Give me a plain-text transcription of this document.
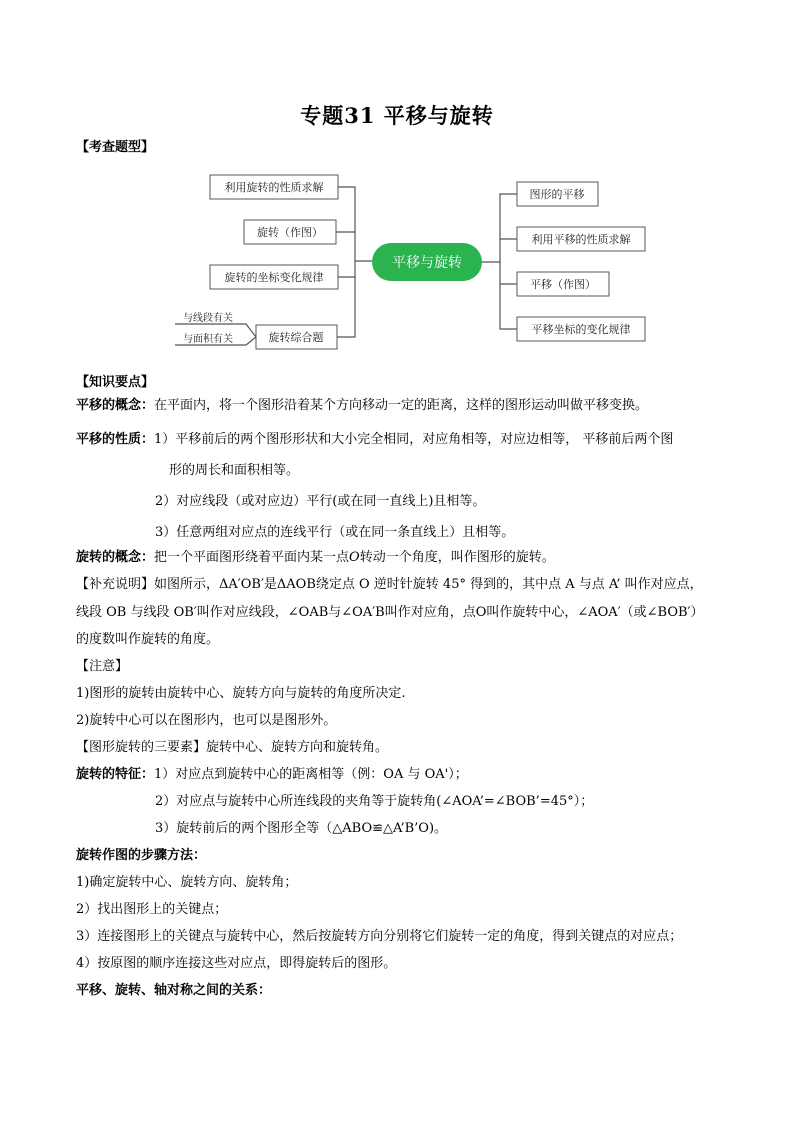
专题31 平移与旋转
【考查题型】
平移与旋转
利用旋转的性质求解
旋转（作图）
旋转的坐标变化规律
旋转综合题
与线段有关
与面积有关
图形的平移
利用平移的性质求解
平移（作图）
平移坐标的变化规律
【知识要点】
平移的概念：在平面内，将一个图形沿着某个方向移动一定的距离，这样的图形运动叫做平移变换。
平移的性质：1）平移前后的两个图形形状和大小完全相同，对应角相等，对应边相等， 平移前后两个图
形的周长和面积相等。
2）对应线段（或对应边）平行(或在同一直线上)且相等。
3）任意两组对应点的连线平行（或在同一条直线上）且相等。
旋转的概念：把一个平面图形绕着平面内某一点O转动一个角度，叫作图形的旋转。
【补充说明】如图所示，ΔA′OB′是ΔAOB绕定点 O 逆时针旋转 45° 得到的，其中点 A 与点 A’ 叫作对应点，
线段 OB 与线段 OB′叫作对应线段，∠OAB与∠OA′B叫作对应角，点O叫作旋转中心，∠AOA′（或∠BOB′）
的度数叫作旋转的角度。
【注意】
1)图形的旋转由旋转中心、旋转方向与旋转的角度所决定.
2)旋转中心可以在图形内，也可以是图形外。
【图形旋转的三要素】旋转中心、旋转方向和旋转角。
旋转的特征：1）对应点到旋转中心的距离相等（例：OA 与 OA'）；
2）对应点与旋转中心所连线段的夹角等于旋转角(∠AOA’=∠BOB’=45°）；
3）旋转前后的两个图形全等（△ABO≌△A’B’O)。
旋转作图的步骤方法：
1)确定旋转中心、旋转方向、旋转角；
2）找出图形上的关键点；
3）连接图形上的关键点与旋转中心，然后按旋转方向分别将它们旋转一定的角度，得到关键点的对应点；
4）按原图的顺序连接这些对应点，即得旋转后的图形。
平移、旋转、轴对称之间的关系：
